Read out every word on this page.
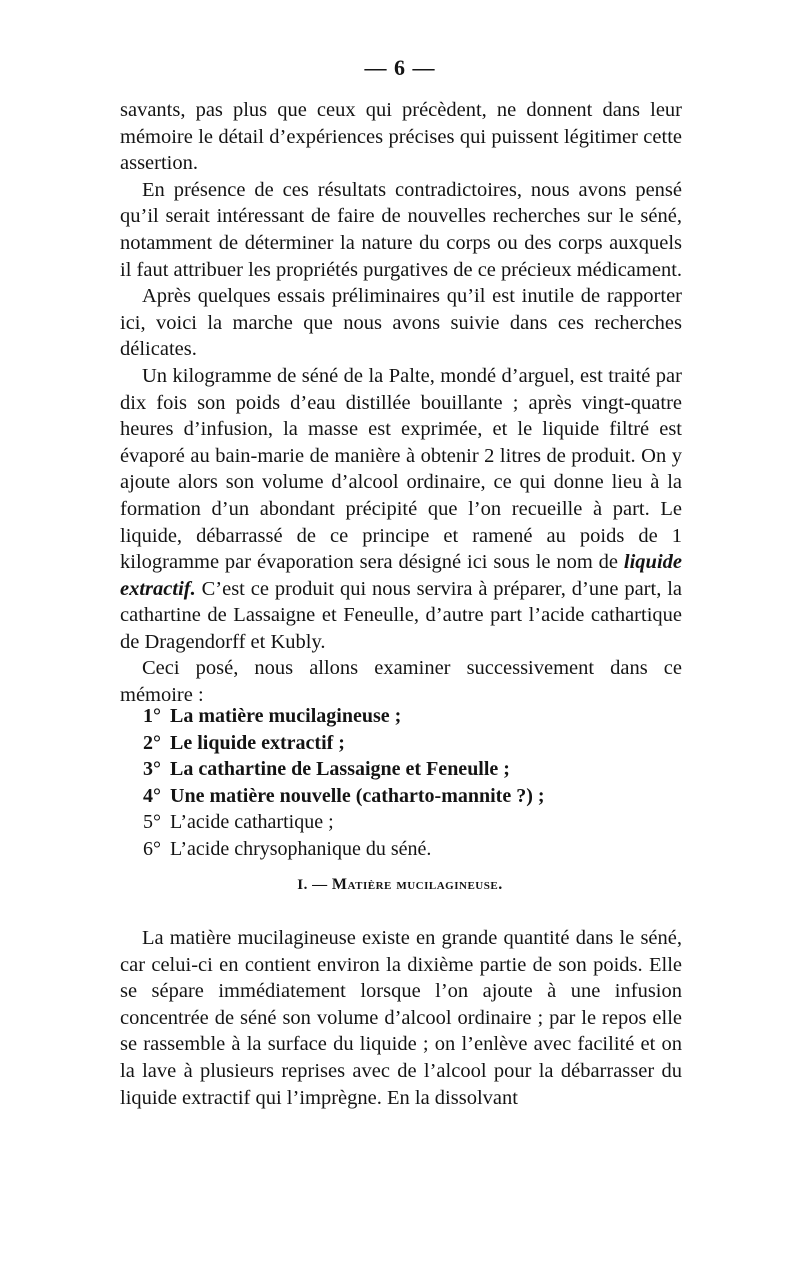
— 6 —

savants, pas plus que ceux qui précèdent, ne donnent dans leur mémoire le détail d’expériences précises qui puissent légitimer cette assertion.

En présence de ces résultats contradictoires, nous avons pensé qu’il serait intéressant de faire de nouvelles recherches sur le séné, notamment de déterminer la nature du corps ou des corps auxquels il faut attribuer les propriétés purgatives de ce précieux médicament.

Après quelques essais préliminaires qu’il est inutile de rapporter ici, voici la marche que nous avons suivie dans ces recherches délicates.

Un kilogramme de séné de la Palte, mondé d’arguel, est traité par dix fois son poids d’eau distillée bouillante ; après vingt-quatre heures d’infusion, la masse est exprimée, et le liquide filtré est évaporé au bain-marie de manière à obtenir 2 litres de produit. On y ajoute alors son volume d’alcool ordinaire, ce qui donne lieu à la formation d’un abondant précipité que l’on recueille à part. Le liquide, débarrassé de ce principe et ramené au poids de 1 kilogramme par évaporation sera désigné ici sous le nom de liquide extractif. C’est ce produit qui nous servira à préparer, d’une part, la cathartine de Lassaigne et Feneulle, d’autre part l’acide cathartique de Dragendorff et Kubly.

Ceci posé, nous allons examiner successivement dans ce mémoire :

1° La matière mucilagineuse ;
2° Le liquide extractif ;
3° La cathartine de Lassaigne et Feneulle ;
4° Une matière nouvelle (catharto-mannite ?) ;
5° L’acide cathartique ;
6° L’acide chrysophanique du séné.
I. — Matière mucilagineuse.

La matière mucilagineuse existe en grande quantité dans le séné, car celui-ci en contient environ la dixième partie de son poids. Elle se sépare immédiatement lorsque l’on ajoute à une infusion concentrée de séné son volume d’alcool ordinaire ; par le repos elle se rassemble à la surface du liquide ; on l’enlève avec facilité et on la lave à plusieurs reprises avec de l’alcool pour la débarrasser du liquide extractif qui l’imprègne. En la dissolvant
